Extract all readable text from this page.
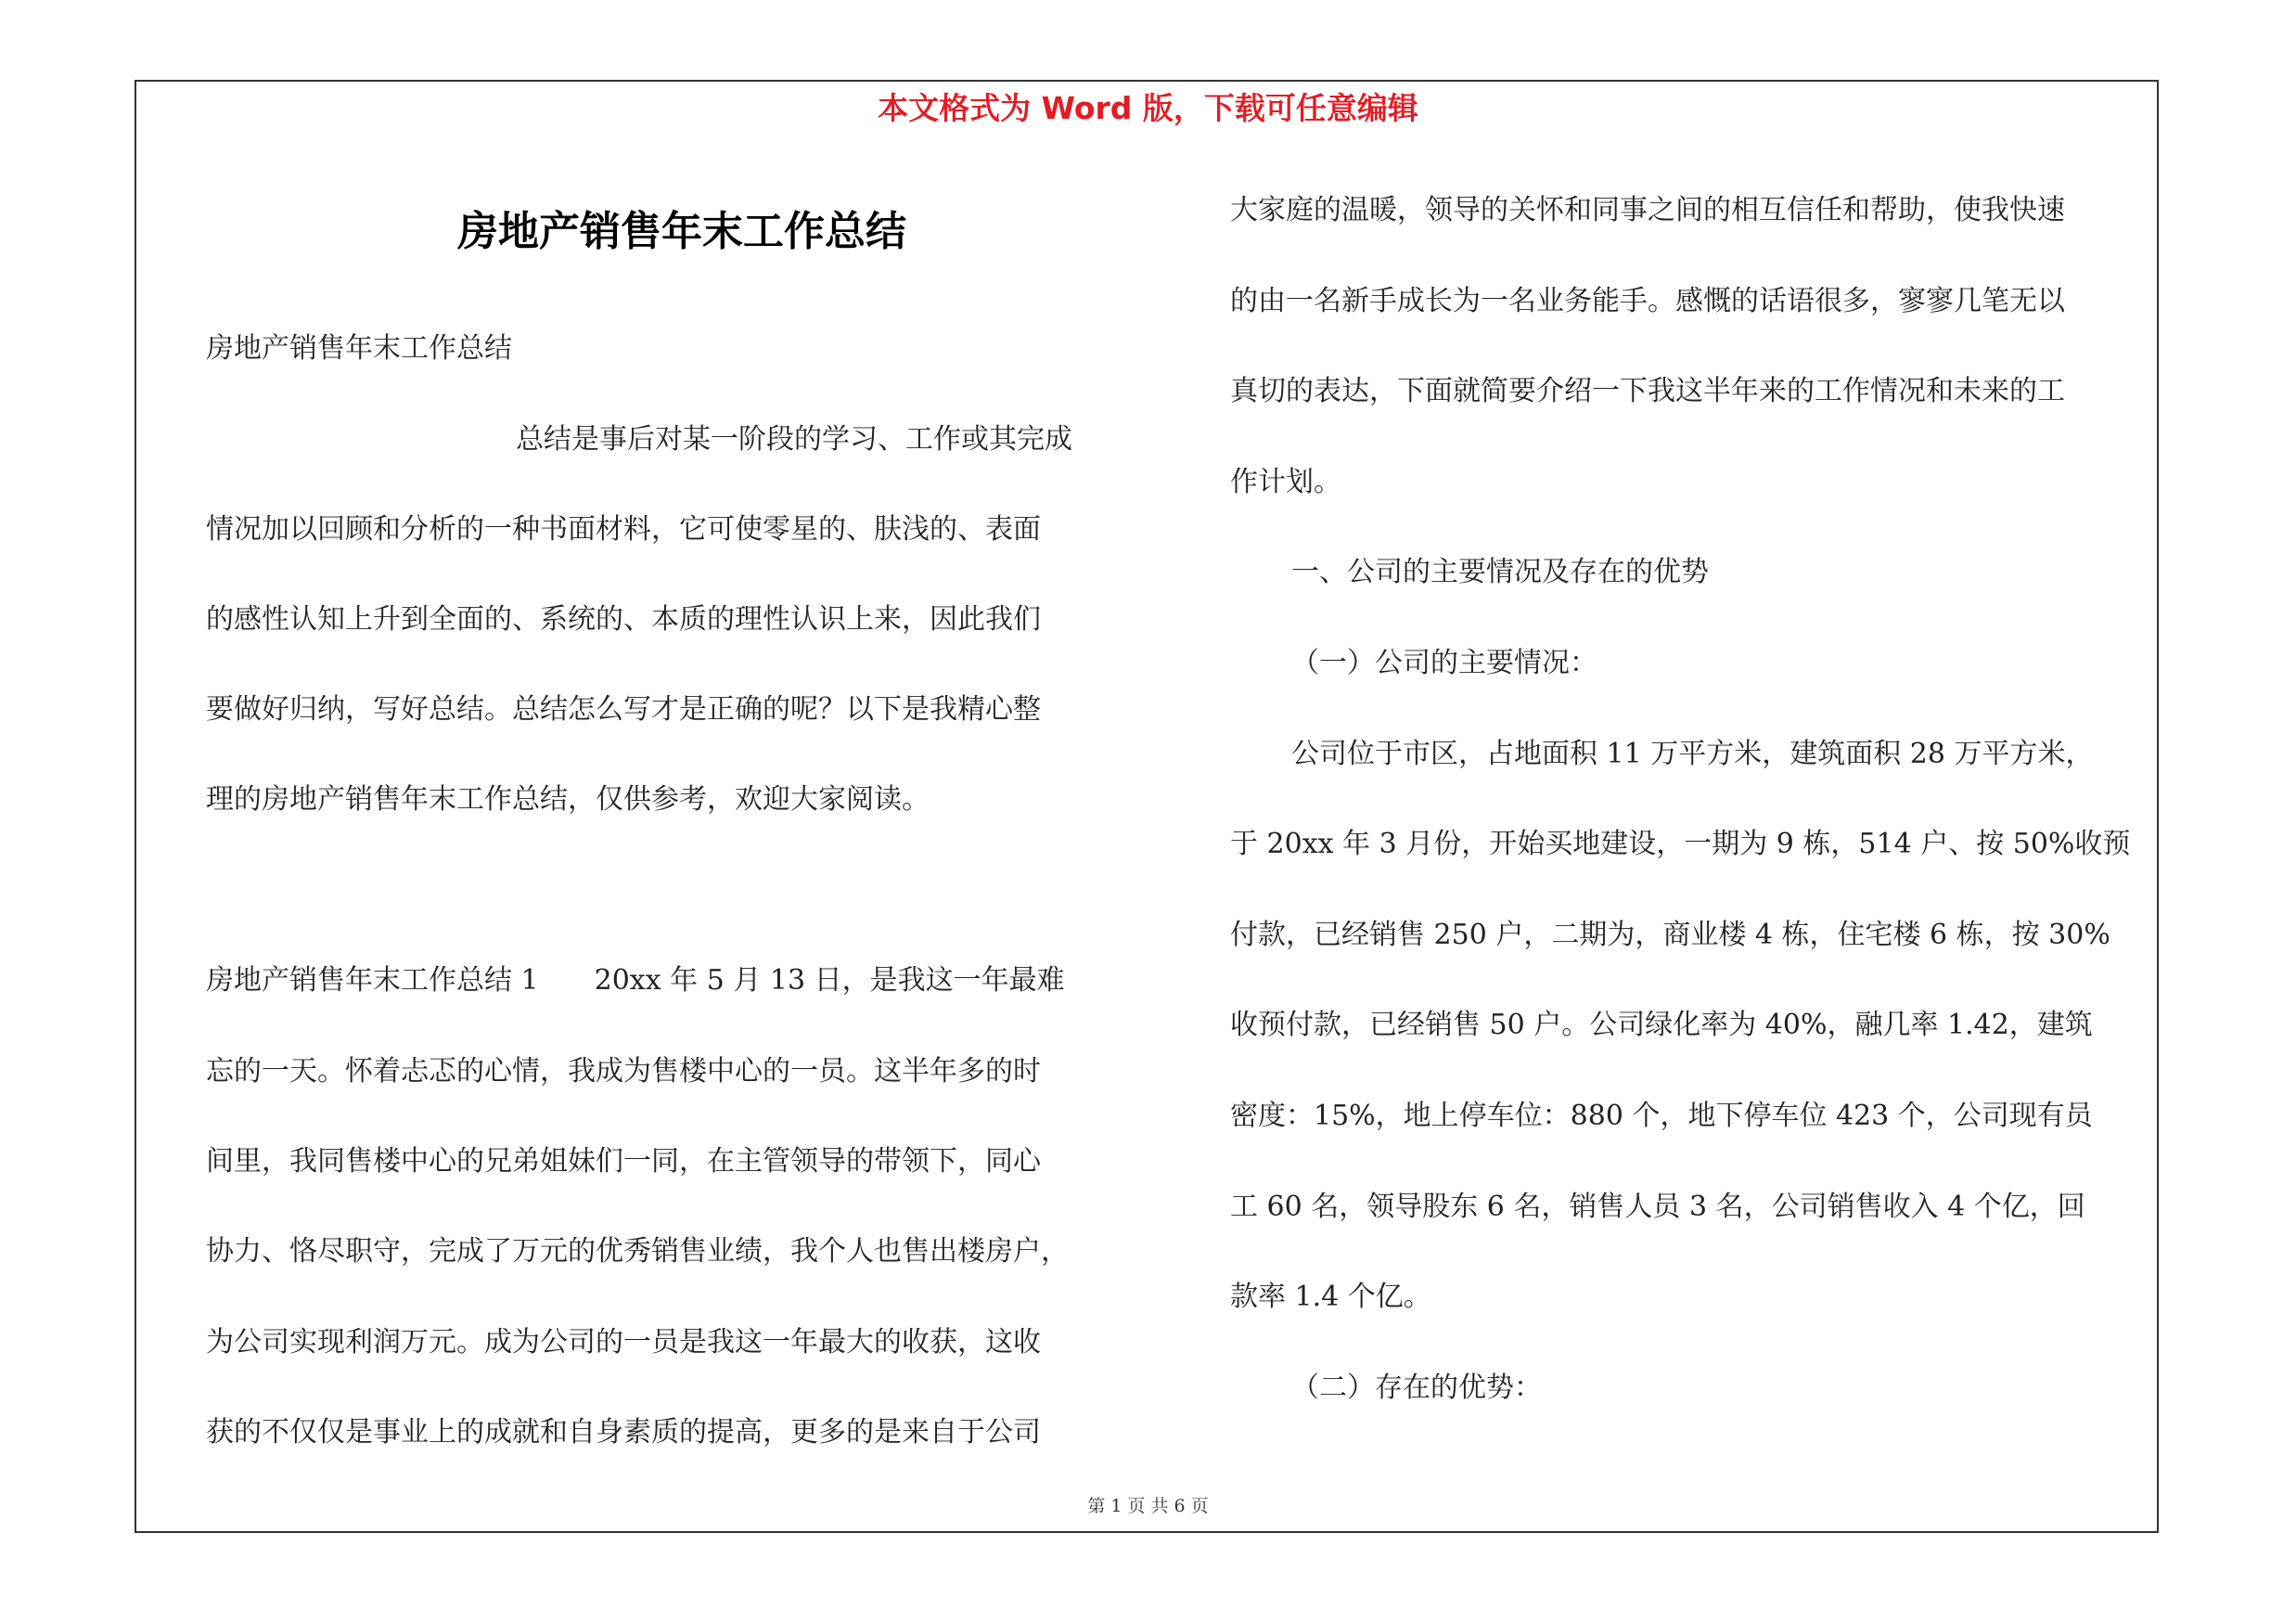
本文格式为 Word 版，下载可任意编辑
房地产销售年末工作总结
房地产销售年末工作总结
总结是事后对某一阶段的学习、工作或其完成
情况加以回顾和分析的一种书面材料，它可使零星的、肤浅的、表面
的感性认知上升到全面的、系统的、本质的理性认识上来，因此我们
要做好归纳，写好总结。总结怎么写才是正确的呢？以下是我精心整
理的房地产销售年末工作总结，仅供参考，欢迎大家阅读。
房地产销售年末工作总结 1　　20xx 年 5 月 13 日，是我这一年最难
忘的一天。怀着忐忑的心情，我成为售楼中心的一员。这半年多的时
间里，我同售楼中心的兄弟姐妹们一同，在主管领导的带领下，同心
协力、恪尽职守，完成了万元的优秀销售业绩，我个人也售出楼房户，
为公司实现利润万元。成为公司的一员是我这一年最大的收获，这收
获的不仅仅是事业上的成就和自身素质的提高，更多的是来自于公司
大家庭的温暖，领导的关怀和同事之间的相互信任和帮助，使我快速
的由一名新手成长为一名业务能手。感慨的话语很多，寥寥几笔无以
真切的表达，下面就简要介绍一下我这半年来的工作情况和未来的工
作计划。
一、公司的主要情况及存在的优势
（一）公司的主要情况：
公司位于市区，占地面积 11 万平方米，建筑面积 28 万平方米，
于 20xx 年 3 月份，开始买地建设，一期为 9 栋，514 户、按 50%收预
付款，已经销售 250 户，二期为，商业楼 4 栋，住宅楼 6 栋，按 30%
收预付款，已经销售 50 户。公司绿化率为 40%，融几率 1.42，建筑
密度：15%，地上停车位：880 个，地下停车位 423 个，公司现有员
工 60 名，领导股东 6 名，销售人员 3 名，公司销售收入 4 个亿，回
款率 1.4 个亿。
（二）存在的优势：
第 1 页 共 6 页
